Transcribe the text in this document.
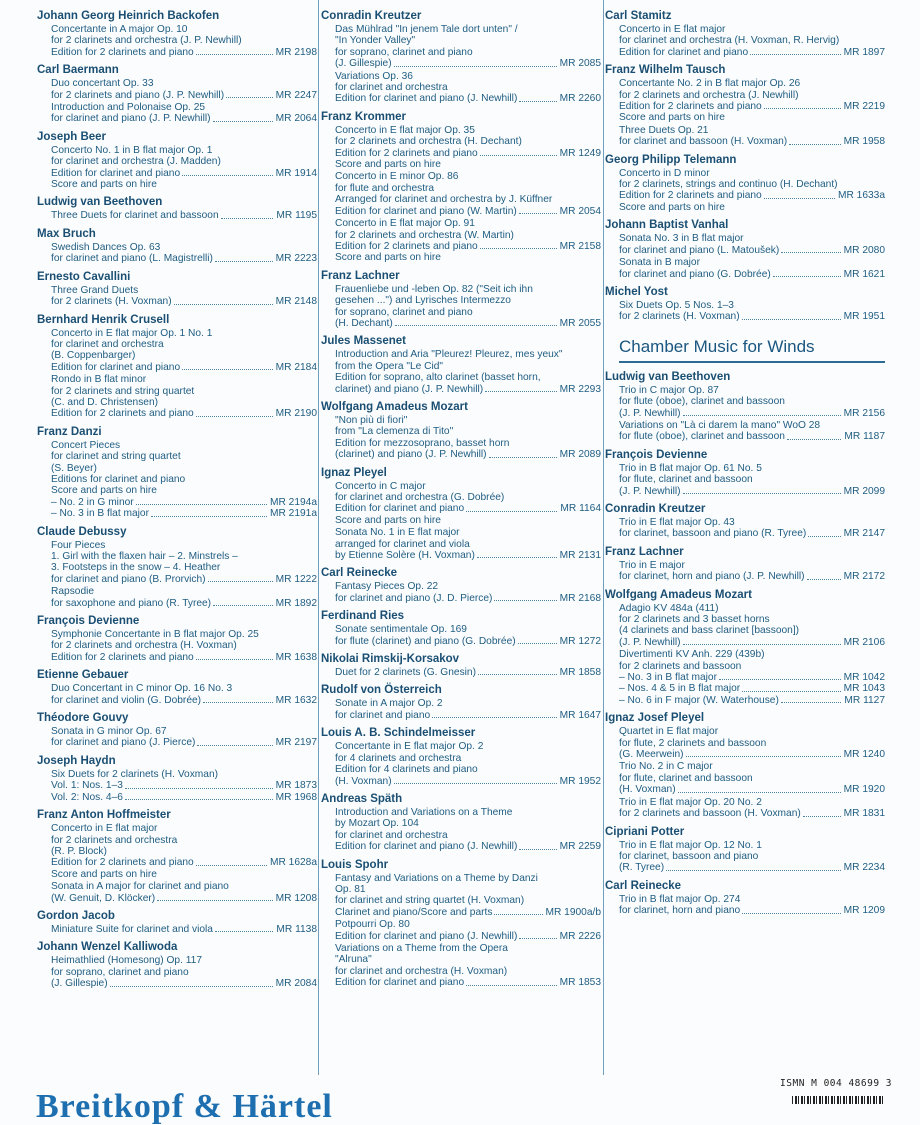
Johann Georg Heinrich Backofen
Concertante in A major Op. 10
for 2 clarinets and orchestra (J. P. Newhill)
Edition for 2 clarinets and piano	MR 2198
Carl Baermann
Duo concertant Op. 33
for 2 clarinets and piano (J. P. Newhill)	MR 2247
Introduction and Polonaise Op. 25
for clarinet and piano (J. P. Newhill)	MR 2064
Joseph Beer
Concerto No. 1 in B flat major Op. 1
for clarinet and orchestra (J. Madden)
Edition for clarinet and piano	MR 1914
Score and parts on hire
Ludwig van Beethoven
Three Duets for clarinet and bassoon	MR 1195
Max Bruch
Swedish Dances Op. 63
for clarinet and piano (L. Magistrelli)	MR 2223
Ernesto Cavallini
Three Grand Duets
for 2 clarinets (H. Voxman)	MR 2148
Bernhard Henrik Crusell
Concerto in E flat major Op. 1 No. 1
for clarinet and orchestra
(B. Coppenbarger)
Edition for clarinet and piano	MR 2184
Rondo in B flat minor
for 2 clarinets and string quartet
(C. and D. Christensen)
Edition for 2 clarinets and piano	MR 2190
Franz Danzi
Concert Pieces
for clarinet and string quartet
(S. Beyer)
Editions for clarinet and piano
Score and parts on hire
– No. 2 in G minor	MR 2194a
– No. 3 in B flat major	MR 2191a
Claude Debussy
Four Pieces
1. Girl with the flaxen hair – 2. Minstrels –
3. Footsteps in the snow – 4. Heather
for clarinet and piano (B. Prorvich)	MR 1222
Rapsodie
for saxophone and piano (R. Tyree)	MR 1892
François Devienne
Symphonie Concertante in B flat major Op. 25
for 2 clarinets and orchestra (H. Voxman)
Edition for 2 clarinets and piano	MR 1638
Etienne Gebauer
Duo Concertant in C minor Op. 16 No. 3
for clarinet and violin (G. Dobrée)	MR 1632
Théodore Gouvy
Sonata in G minor Op. 67
for clarinet and piano (J. Pierce)	MR 2197
Joseph Haydn
Six Duets for 2 clarinets (H. Voxman)
Vol. 1: Nos. 1–3	MR 1873
Vol. 2: Nos. 4–6	MR 1968
Franz Anton Hoffmeister
Concerto in E flat major
for 2 clarinets and orchestra
(R. P. Block)
Edition for 2 clarinets and piano	MR 1628a
Score and parts on hire
Sonata in A major for clarinet and piano
(W. Genuit, D. Klöcker)	MR 1208
Gordon Jacob
Miniature Suite for clarinet and viola	MR 1138
Johann Wenzel Kalliwoda
Heimathlied (Homesong) Op. 117
for soprano, clarinet and piano
(J. Gillespie)	MR 2084
Conradin Kreutzer
Das Mühlrad "In jenem Tale dort unten" /
"In Yonder Valley"
for soprano, clarinet and piano
(J. Gillespie)	MR 2085
Variations Op. 36
for clarinet and orchestra
Edition for clarinet and piano (J. Newhill)	MR 2260
Franz Krommer
Concerto in E flat major Op. 35
for 2 clarinets and orchestra (H. Dechant)
Edition for 2 clarinets and piano	MR 1249
Score and parts on hire
Concerto in E minor Op. 86
for flute and orchestra
Arranged for clarinet and orchestra by J. Küffner
Edition for clarinet and piano (W. Martin)	MR 2054
Concerto in E flat major Op. 91
for 2 clarinets and orchestra (W. Martin)
Edition for 2 clarinets and piano	MR 2158
Score and parts on hire
Franz Lachner
Frauenliebe und -leben Op. 82 ("Seit ich ihn
gesehen ...") and Lyrisches Intermezzo
for soprano, clarinet and piano
(H. Dechant)	MR 2055
Jules Massenet
Introduction and Aria "Pleurez! Pleurez, mes yeux"
from the Opera "Le Cid"
Edition for soprano, alto clarinet (basset horn,
clarinet) and piano (J. P. Newhill)	MR 2293
Wolfgang Amadeus Mozart
"Non più di fiori"
from "La clemenza di Tito"
Edition for mezzosoprano, basset horn
(clarinet) and piano (J. P. Newhill)	MR 2089
Ignaz Pleyel
Concerto in C major
for clarinet and orchestra (G. Dobrée)
Edition for clarinet and piano	MR 1164
Score and parts on hire
Sonata No. 1 in E flat major
arranged for clarinet and viola
by Etienne Solère (H. Voxman)	MR 2131
Carl Reinecke
Fantasy Pieces Op. 22
for clarinet and piano (J. D. Pierce)	MR 2168
Ferdinand Ries
Sonate sentimentale Op. 169
for flute (clarinet) and piano (G. Dobrée)	MR 1272
Nikolai Rimskij-Korsakov
Duet for 2 clarinets (G. Gnesin)	MR 1858
Rudolf von Österreich
Sonate in A major Op. 2
for clarinet and piano	MR 1647
Louis A. B. Schindelmeisser
Concertante in E flat major Op. 2
for 4 clarinets and orchestra
Edition for 4 clarinets and piano
(H. Voxman)	MR 1952
Andreas Späth
Introduction and Variations on a Theme
by Mozart Op. 104
for clarinet and orchestra
Edition for clarinet and piano (J. Newhill)	MR 2259
Louis Spohr
Fantasy and Variations on a Theme by Danzi
Op. 81
for clarinet and string quartet (H. Voxman)
Clarinet and piano/Score and parts	MR 1900a/b
Potpourri Op. 80
Edition for clarinet and piano (J. Newhill)	MR 2226
Variations on a Theme from the Opera
"Alruna"
for clarinet and orchestra (H. Voxman)
Edition for clarinet and piano	MR 1853
Carl Stamitz
Concerto in E flat major
for clarinet and orchestra (H. Voxman, R. Hervig)
Edition for clarinet and piano	MR 1897
Franz Wilhelm Tausch
Concertante No. 2 in B flat major Op. 26
for 2 clarinets and orchestra (J. Newhill)
Edition for 2 clarinets and piano	MR 2219
Score and parts on hire
Three Duets Op. 21
for clarinet and bassoon (H. Voxman)	MR 1958
Georg Philipp Telemann
Concerto in D minor
for 2 clarinets, strings and continuo (H. Dechant)
Edition for 2 clarinets and piano	MR 1633a
Score and parts on hire
Johann Baptist Vanhal
Sonata No. 3 in B flat major
for clarinet and piano (L. Matoušek)	MR 2080
Sonata in B major
for clarinet and piano (G. Dobrée)	MR 1621
Michel Yost
Six Duets Op. 5 Nos. 1–3
for 2 clarinets (H. Voxman)	MR 1951
Chamber Music for Winds
Ludwig van Beethoven
Trio in C major Op. 87
for flute (oboe), clarinet and bassoon
(J. P. Newhill)	MR 2156
Variations on "Là ci darem la mano" WoO 28
for flute (oboe), clarinet and bassoon	MR 1187
François Devienne
Trio in B flat major Op. 61 No. 5
for flute, clarinet and bassoon
(J. P. Newhill)	MR 2099
Conradin Kreutzer
Trio in E flat major Op. 43
for clarinet, bassoon and piano (R. Tyree)	MR 2147
Franz Lachner
Trio in E major
for clarinet, horn and piano (J. P. Newhill)	MR 2172
Wolfgang Amadeus Mozart
Adagio KV 484a (411)
for 2 clarinets and 3 basset horns
(4 clarinets and bass clarinet [bassoon])
(J. P. Newhill)	MR 2106
Divertimenti KV Anh. 229 (439b)
for 2 clarinets and bassoon
– No. 3 in B flat major	MR 1042
– Nos. 4 & 5 in B flat major	MR 1043
– No. 6 in F major (W. Waterhouse)	MR 1127
Ignaz Josef Pleyel
Quartet in E flat major
for flute, 2 clarinets and bassoon
(G. Meerwein)	MR 1240
Trio No. 2 in C major
for flute, clarinet and bassoon
(H. Voxman)	MR 1920
Trio in E flat major Op. 20 No. 2
for 2 clarinets and bassoon (H. Voxman)	MR 1831
Cipriani Potter
Trio in E flat major Op. 12 No. 1
for clarinet, bassoon and piano
(R. Tyree)	MR 2234
Carl Reinecke
Trio in B flat major Op. 274
for clarinet, horn and piano	MR 1209
Breitkopf & Härtel
ISMN M 004 48699 3
